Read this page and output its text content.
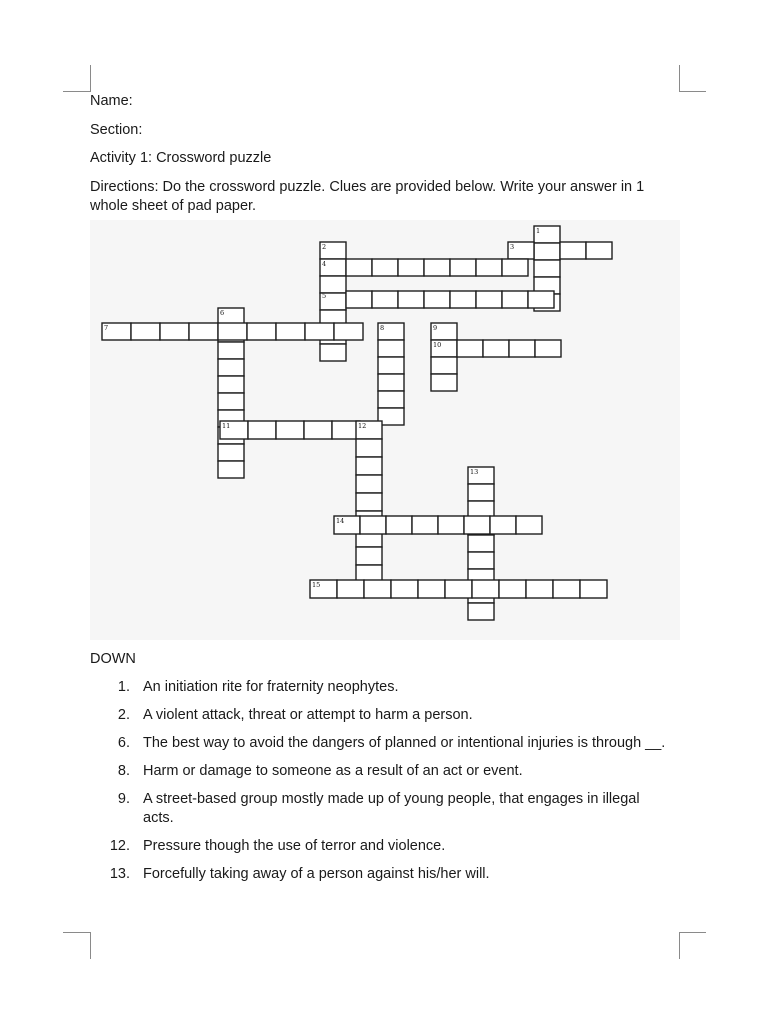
Name:

Section:

Activity 1: Crossword puzzle

Directions: Do the crossword puzzle. Clues are provided below. Write your answer in 1 whole sheet of pad paper.

1
2	3
4
5
6
7	8	9
10
11	12
13
14
15

DOWN

1. An initiation rite for fraternity neophytes.
2. A violent attack, threat or attempt to harm a person.
6. The best way to avoid the dangers of planned or intentional injuries is through __.
8. Harm or damage to someone as a result of an act or event.
9. A street-based group mostly made up of young people, that engages in illegal acts.
12. Pressure though the use of terror and violence.
13. Forcefully taking away of a person against his/her will.
